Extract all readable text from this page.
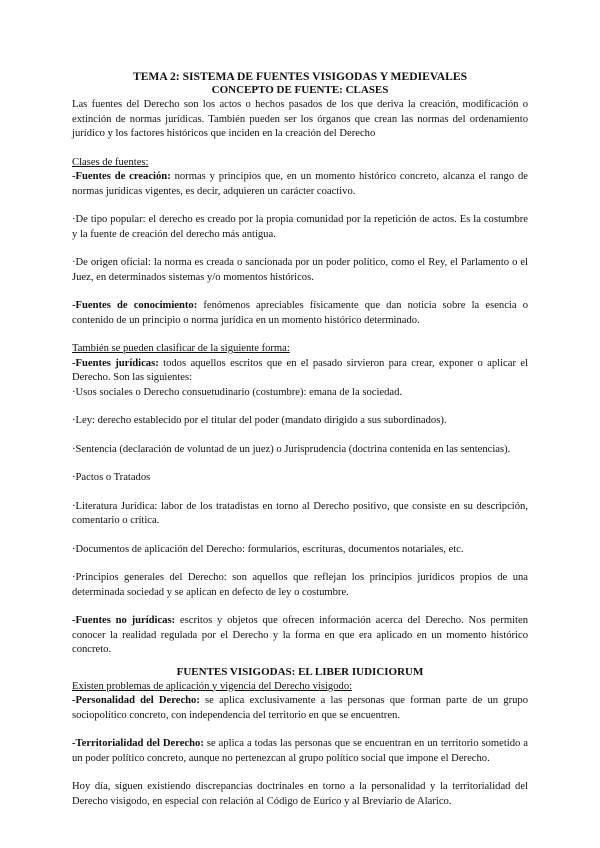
TEMA 2: SISTEMA DE FUENTES VISIGODAS Y MEDIEVALES
CONCEPTO DE FUENTE: CLASES

Las fuentes del Derecho son los actos o hechos pasados de los que deriva la creación, modificación o extinción de normas jurídicas. También pueden ser los órganos que crean las normas del ordenamiento jurídico y los factores históricos que inciden en la creación del Derecho

Clases de fuentes:

-Fuentes de creación: normas y principios que, en un momento histórico concreto, alcanza el rango de normas jurídicas vigentes, es decir, adquieren un carácter coactivo.

·De tipo popular: el derecho es creado por la propia comunidad por la repetición de actos. Es la costumbre y la fuente de creación del derecho más antigua.

·De origen oficial: la norma es creada o sancionada por un poder político, como el Rey, el Parlamento o el Juez, en determinados sistemas y/o momentos históricos.

-Fuentes de conocimiento: fenómenos apreciables físicamente que dan noticia sobre la esencia o contenido de un principio o norma jurídica en un momento histórico determinado.

También se pueden clasificar de la siguiente forma:

-Fuentes jurídicas: todos aquellos escritos que en el pasado sirvieron para crear, exponer o aplicar el Derecho. Son las siguientes:

·Usos sociales o Derecho consuetudinario (costumbre): emana de la sociedad.

·Ley: derecho establecido por el titular del poder (mandato dirigido a sus subordinados).

·Sentencia (declaración de voluntad de un juez) o Jurisprudencia (doctrina contenida en las sentencias).

·Pactos o Tratados

·Literatura Jurídica: labor de los tratadistas en torno al Derecho positivo, que consiste en su descripción, comentario o crítica.

·Documentos de aplicación del Derecho: formularios, escrituras, documentos notariales, etc.

·Principios generales del Derecho: son aquellos que reflejan los principios jurídicos propios de una determinada sociedad y se aplican en defecto de ley o costumbre.

-Fuentes no jurídicas: escritos y objetos que ofrecen información acerca del Derecho. Nos permiten conocer la realidad regulada por el Derecho y la forma en que era aplicado en un momento histórico concreto.

FUENTES VISIGODAS: EL LIBER IUDICIORUM

Existen problemas de aplicación y vigencia del Derecho visigodo:

-Personalidad del Derecho: se aplica exclusivamente a las personas que forman parte de un grupo sociopolítico concreto, con independencia del territorio en que se encuentren.

-Territorialidad del Derecho: se aplica a todas las personas que se encuentran en un territorio sometido a un poder político concreto, aunque no pertenezcan al grupo político social que impone el Derecho.

Hoy día, siguen existiendo discrepancias doctrinales en torno a la personalidad y la territorialidad del Derecho visigodo, en especial con relación al Código de Eurico y al Breviario de Alarico.
